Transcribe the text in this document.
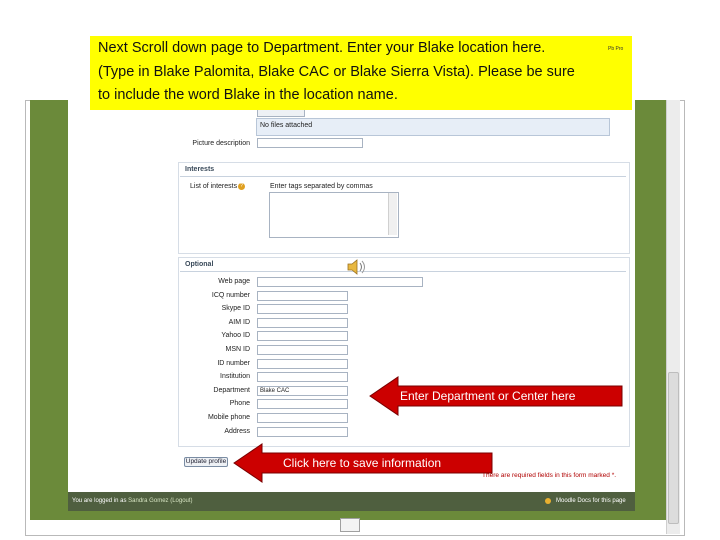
No files attached
Picture description
Interests
List of interests ?	Enter tags separated by commas
Optional
Web page
ICQ number
Skype ID
AIM ID
Yahoo ID
MSN ID
ID number
Institution
Department	Blake CAC
Phone
Mobile phone
Address
Update profile
There are required fields in this form marked *.
You are logged in as Sandra Gomez (Logout)	Moodle Docs for this page
Enter Department or Center here
Click here to save information
Next Scroll down page to Department. Enter your Blake location here.
(Type in Blake Palomita, Blake CAC or Blake Sierra Vista). Please be sure
to include the word Blake in the location name.
Pb Pro
